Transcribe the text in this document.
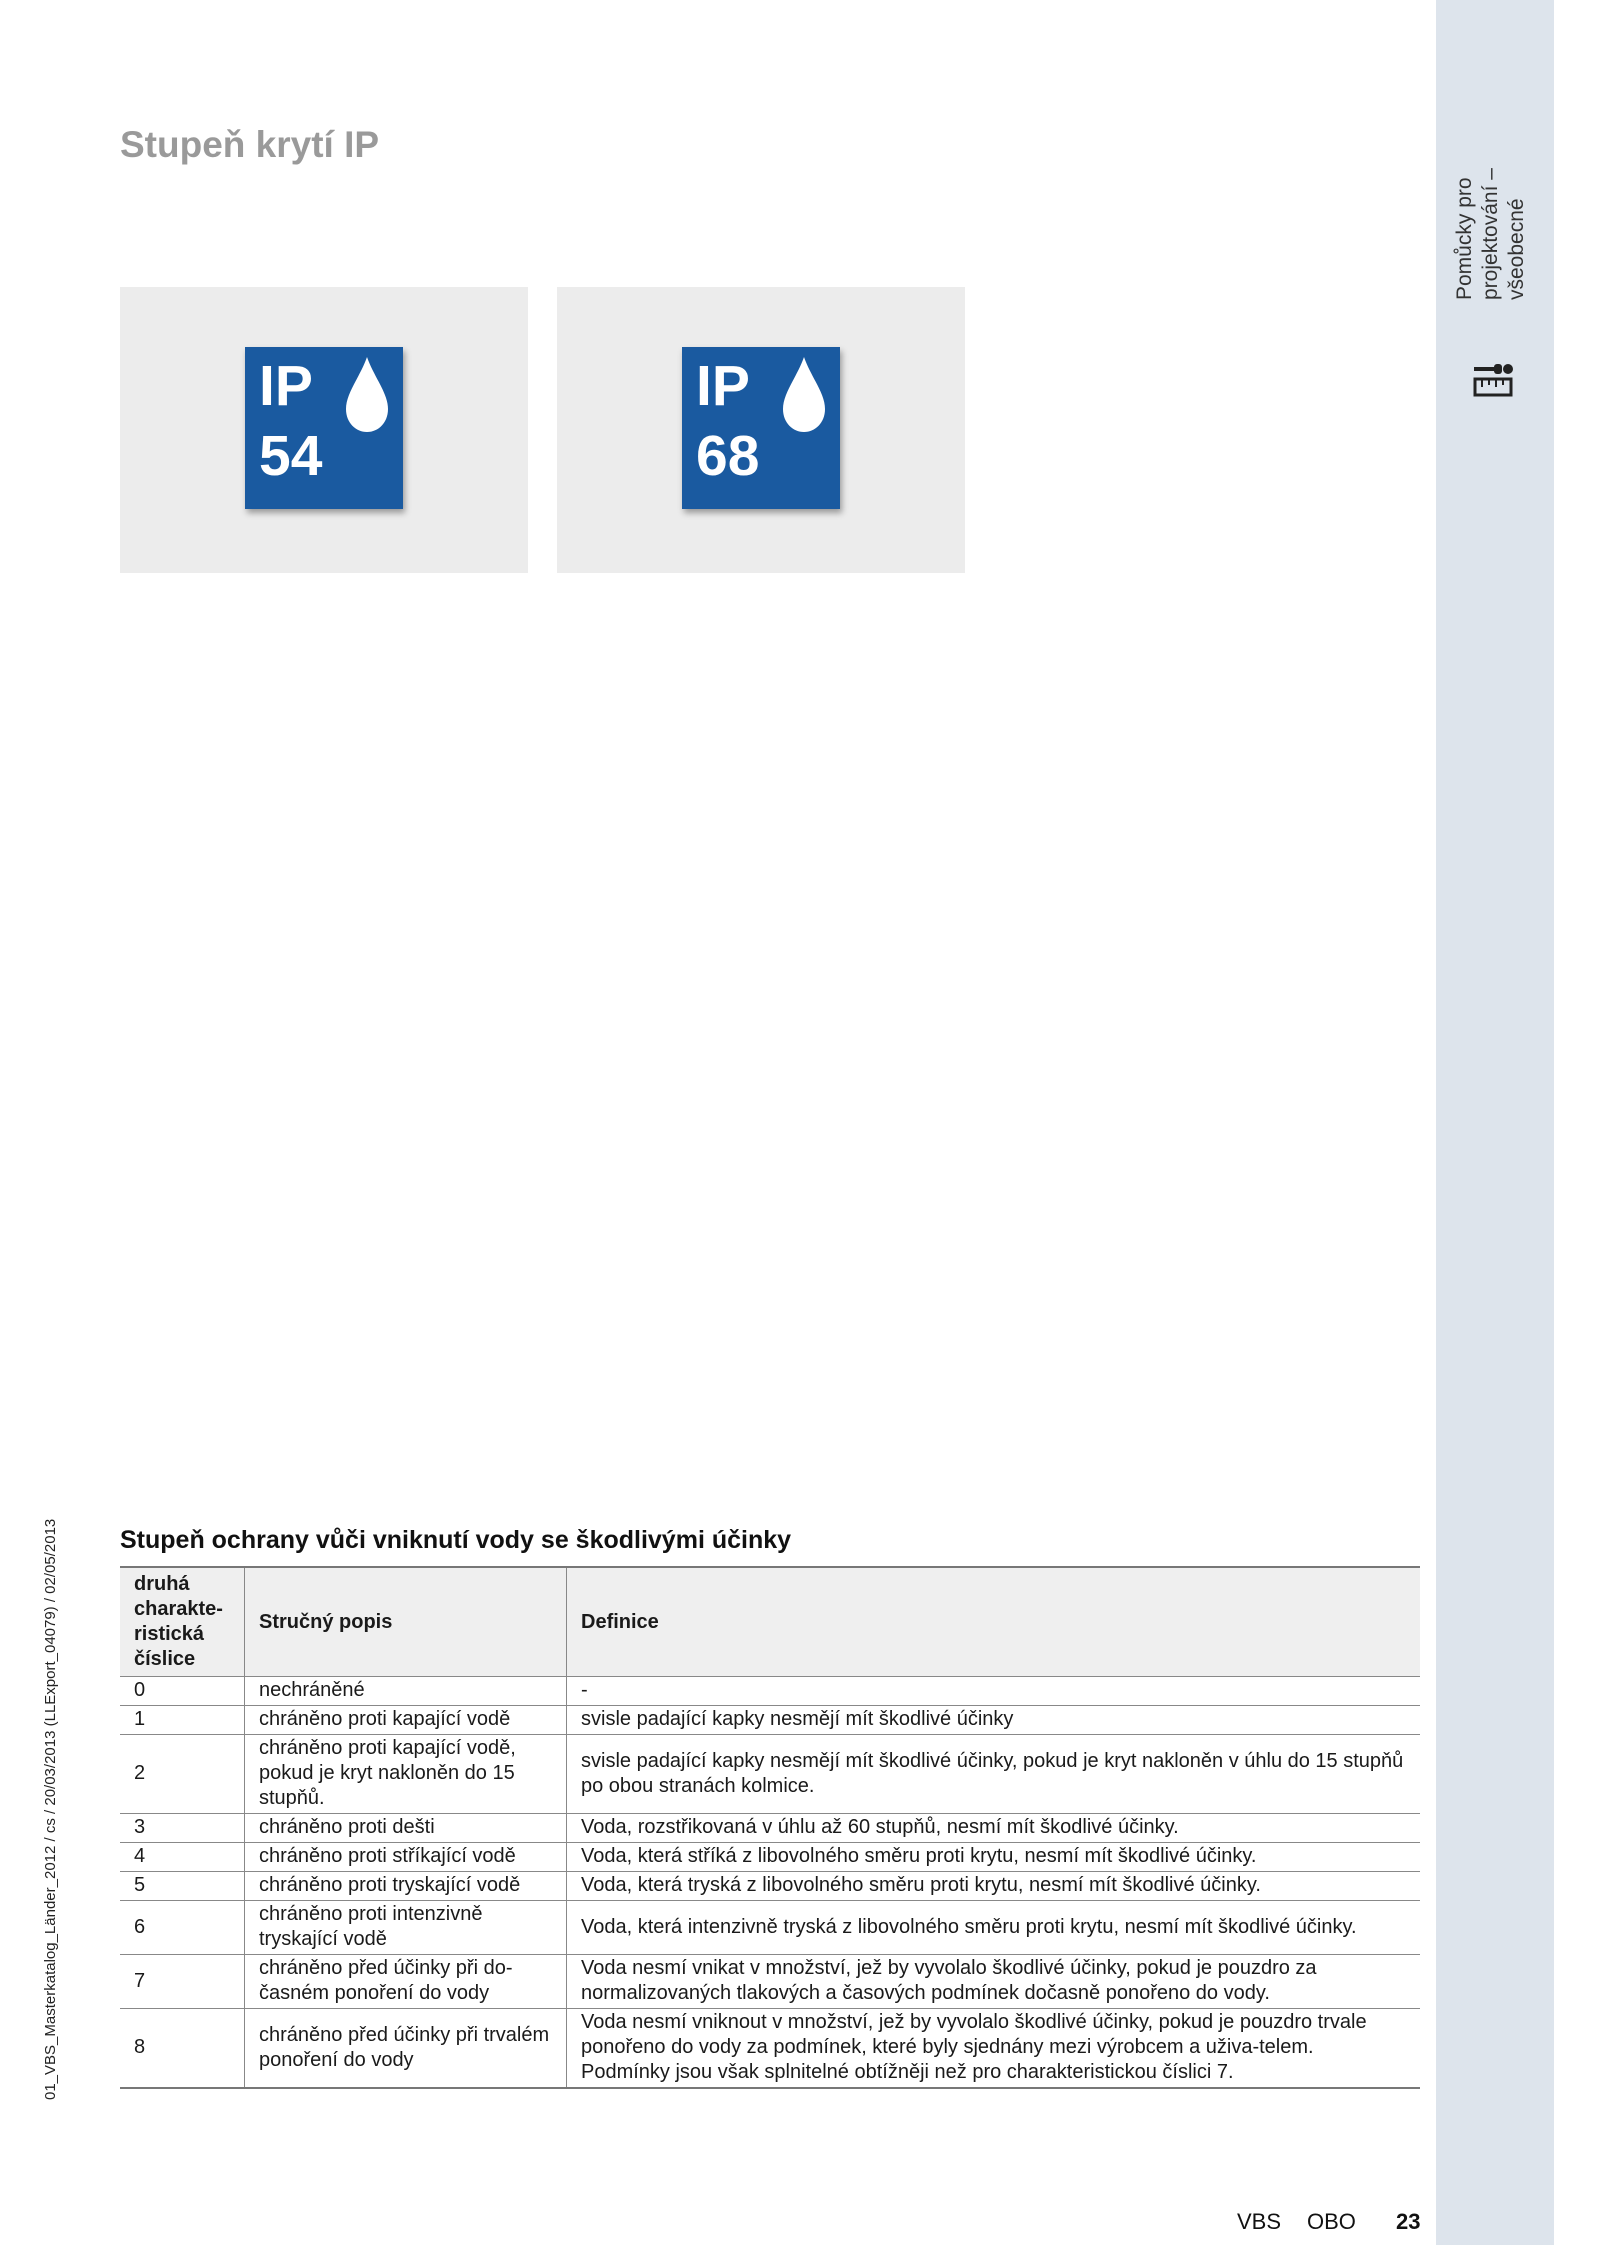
Pomůcky pro projektování – všeobecné
Stupeň krytí IP
IP
54
IP
68
01_VBS_Masterkatalog_Länder_2012 / cs / 20/03/2013 (LLExport_04079) / 02/05/2013 Stupeň ochrany vůči vniknutí vody se škodlivými účinky
druhá charakte-ristická číslice	Stručný popis	Definice
0	nechráněné	-
1	chráněno proti kapající vodě	svisle padající kapky nesmějí mít škodlivé účinky
2	chráněno proti kapající vodě, pokud je kryt nakloněn do 15 stupňů.	svisle padající kapky nesmějí mít škodlivé účinky, pokud je kryt nakloněn v úhlu do 15 stupňů po obou stranách kolmice.
3	chráněno proti dešti	Voda, rozstřikovaná v úhlu až 60 stupňů, nesmí mít škodlivé účinky.
4	chráněno proti stříkající vodě	Voda, která stříká z libovolného směru proti krytu, nesmí mít škodlivé účinky.
5	chráněno proti tryskající vodě	Voda, která tryská z libovolného směru proti krytu, nesmí mít škodlivé účinky.
6	chráněno proti intenzivně tryskající vodě	Voda, která intenzivně tryská z libovolného směru proti krytu, nesmí mít škodlivé účinky.
7	chráněno před účinky při do-časném ponoření do vody	Voda nesmí vnikat v množství, jež by vyvolalo škodlivé účinky, pokud je pouzdro za normalizovaných tlakových a časových podmínek dočasně ponořeno do vody.
8	chráněno před účinky při trvalém ponoření do vody	Voda nesmí vniknout v množství, jež by vyvolalo škodlivé účinky, pokud je pouzdro trvale ponořeno do vody za podmínek, které byly sjednány mezi výrobcem a uživa-telem. Podmínky jsou však splnitelné obtížněji než pro charakteristickou číslici 7.
VBS OBO 23
